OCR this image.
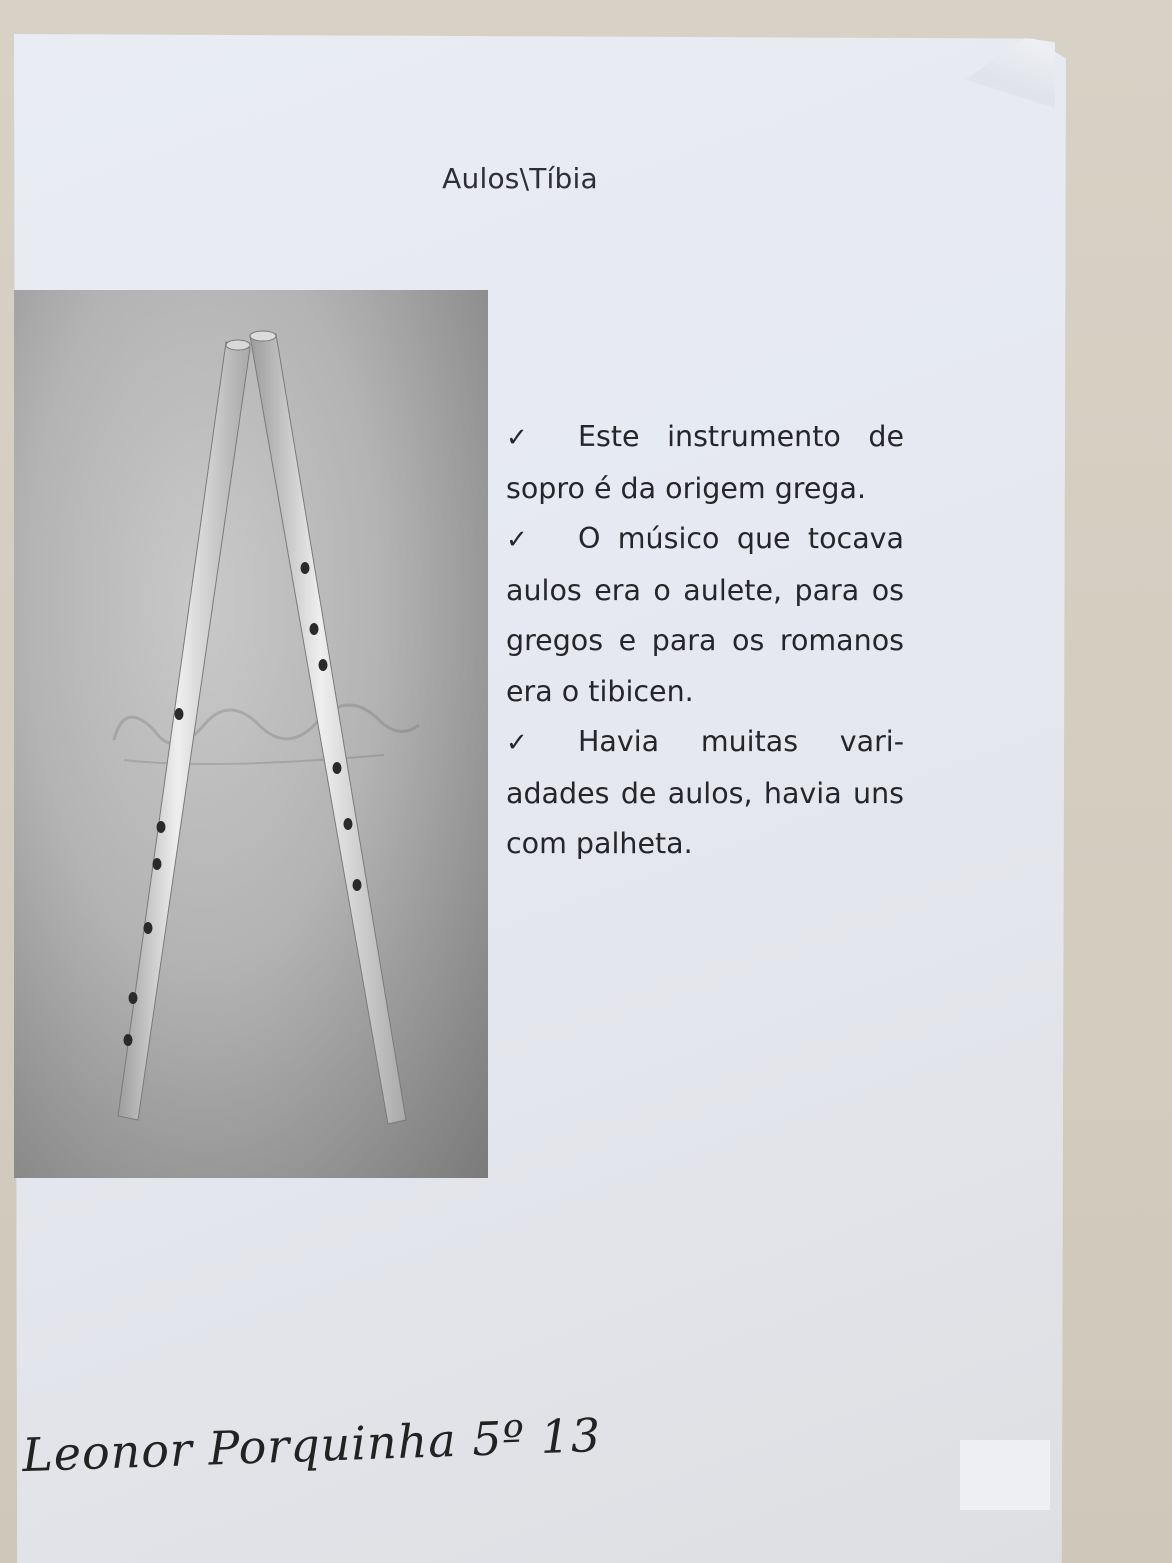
Aulos\Tíbia

✓ Este instrumento de sopro é da origem grega.

✓ O músico que tocava aulos era o aulete, para os gregos e para os romanos era o tibicen.

✓ Havia muitas vari-adades de aulos, havia uns com palheta.

Leonor Porquinha 5º 13
